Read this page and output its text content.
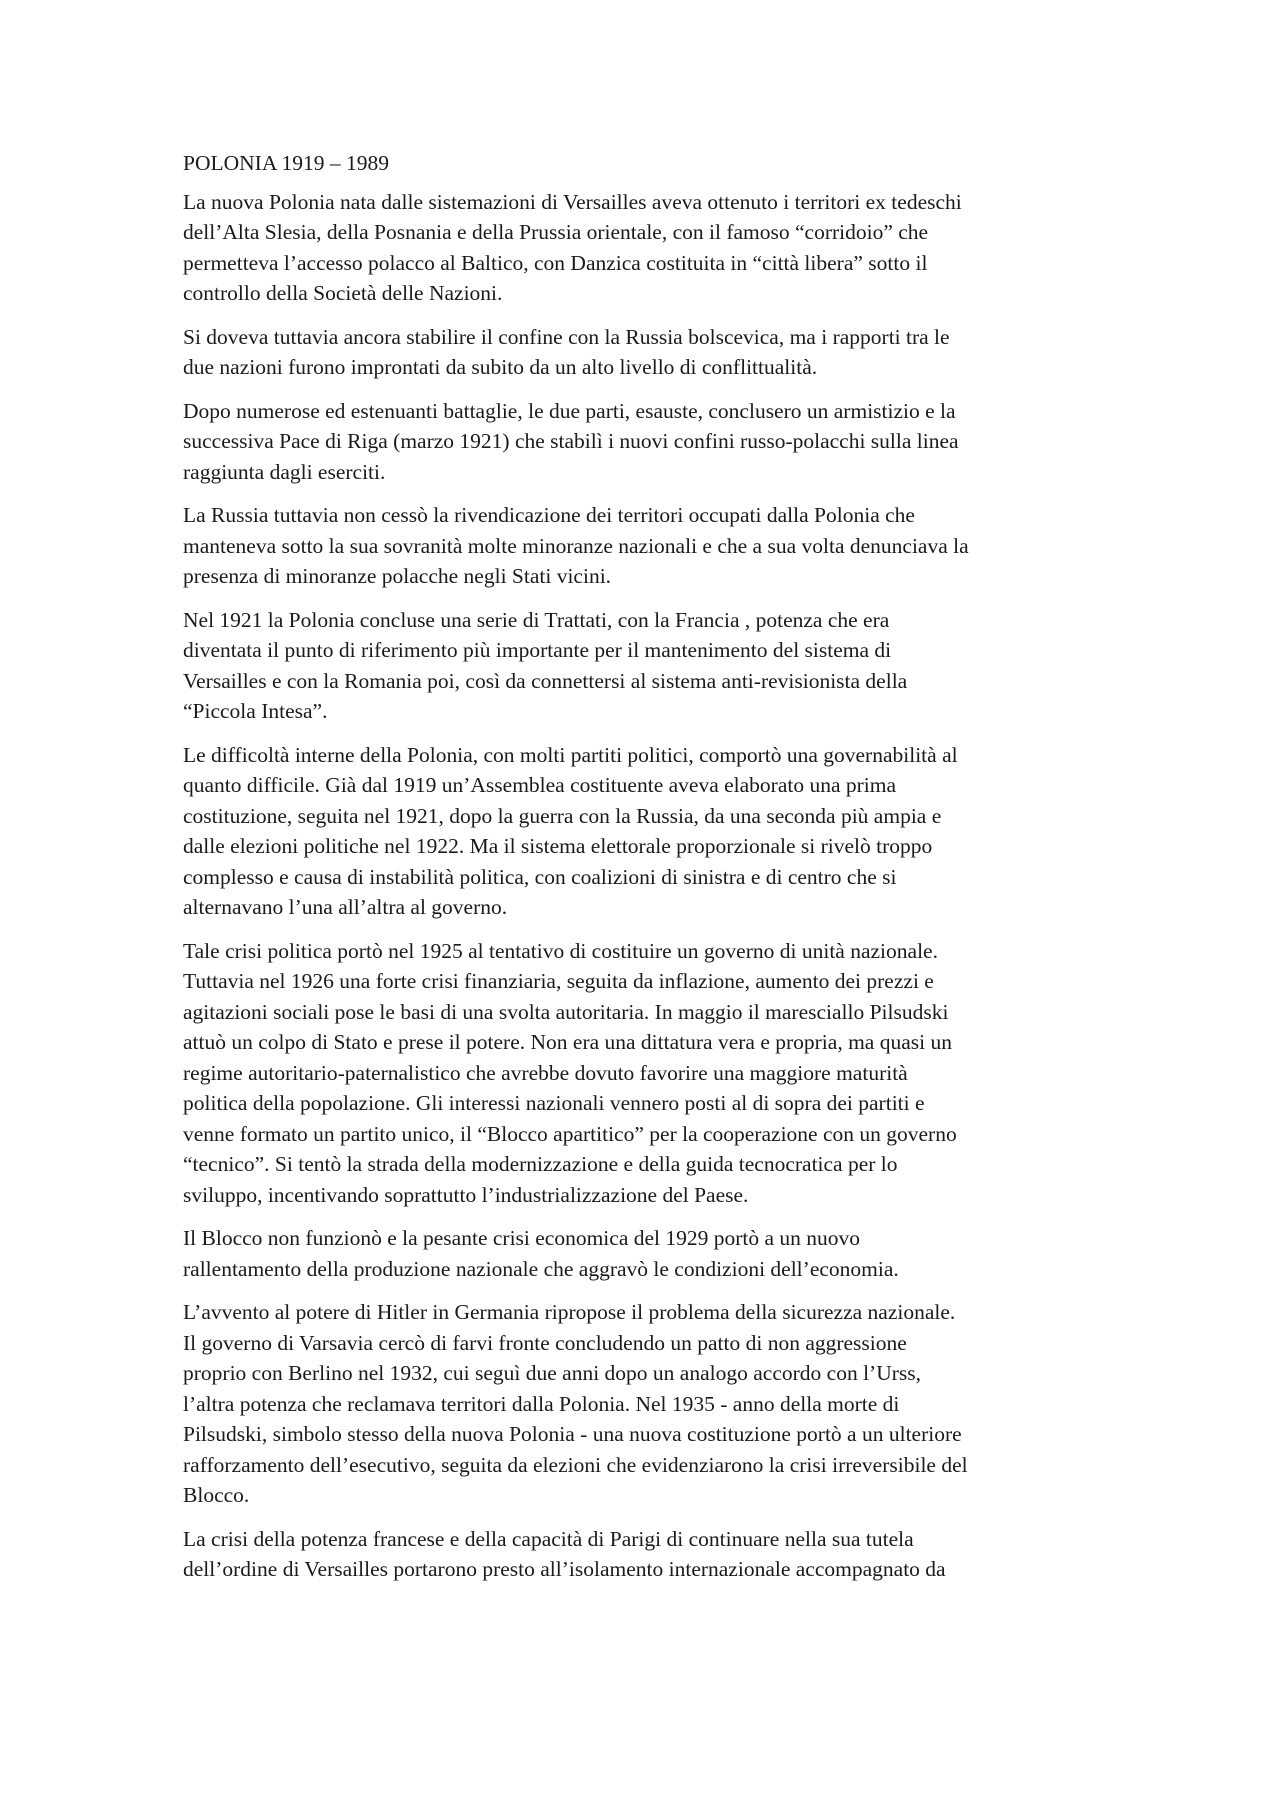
POLONIA 1919 – 1989

La nuova Polonia nata dalle sistemazioni di Versailles aveva ottenuto i territori ex tedeschi
dell’Alta Slesia, della Posnania e della Prussia orientale, con il famoso “corridoio” che
permetteva l’accesso polacco al Baltico, con Danzica costituita in “città libera” sotto il
controllo della Società delle Nazioni.

Si doveva tuttavia ancora stabilire il confine con la Russia bolscevica, ma i rapporti tra le
due nazioni furono improntati da subito da un alto livello di conflittualità.

Dopo numerose ed estenuanti battaglie, le due parti, esauste, conclusero un armistizio e la
successiva Pace di Riga (marzo 1921) che stabilì i nuovi confini russo-polacchi sulla linea
raggiunta dagli eserciti.

La Russia tuttavia non cessò la rivendicazione dei territori occupati dalla Polonia che
manteneva sotto la sua sovranità molte minoranze nazionali e che a sua volta denunciava la
presenza di minoranze polacche negli Stati vicini.

Nel 1921 la Polonia concluse una serie di Trattati, con la Francia , potenza che era
diventata il punto di riferimento più importante per il mantenimento del sistema di
Versailles e con la Romania poi, così da connettersi al sistema anti-revisionista della
“Piccola Intesa”.

Le difficoltà interne della Polonia, con molti partiti politici, comportò una governabilità al
quanto difficile. Già dal 1919 un’Assemblea costituente aveva elaborato una prima
costituzione, seguita nel 1921, dopo la guerra con la Russia, da una seconda più ampia e
dalle elezioni politiche nel 1922. Ma il sistema elettorale proporzionale si rivelò troppo
complesso e causa di instabilità politica, con coalizioni di sinistra e di centro che si
alternavano l’una all’altra al governo.

Tale crisi politica portò nel 1925 al tentativo di costituire un governo di unità nazionale.
Tuttavia nel 1926 una forte crisi finanziaria, seguita da inflazione, aumento dei prezzi e
agitazioni sociali pose le basi di una svolta autoritaria. In maggio il maresciallo Pilsudski
attuò un colpo di Stato e prese il potere. Non era una dittatura vera e propria, ma quasi un
regime autoritario-paternalistico che avrebbe dovuto favorire una maggiore maturità
politica della popolazione. Gli interessi nazionali vennero posti al di sopra dei partiti e
venne formato un partito unico, il “Blocco apartitico” per la cooperazione con un governo
“tecnico”. Si tentò la strada della modernizzazione e della guida tecnocratica per lo
sviluppo, incentivando soprattutto l’industrializzazione del Paese.

Il Blocco non funzionò e la pesante crisi economica del 1929 portò a un nuovo
rallentamento della produzione nazionale che aggravò le condizioni dell’economia.

L’avvento al potere di Hitler in Germania ripropose il problema della sicurezza nazionale.
Il governo di Varsavia cercò di farvi fronte concludendo un patto di non aggressione
proprio con Berlino nel 1932, cui seguì due anni dopo un analogo accordo con l’Urss,
l’altra potenza che reclamava territori dalla Polonia. Nel 1935 - anno della morte di
Pilsudski, simbolo stesso della nuova Polonia - una nuova costituzione portò a un ulteriore
rafforzamento dell’esecutivo, seguita da elezioni che evidenziarono la crisi irreversibile del
Blocco.

La crisi della potenza francese e della capacità di Parigi di continuare nella sua tutela
dell’ordine di Versailles portarono presto all’isolamento internazionale accompagnato da
